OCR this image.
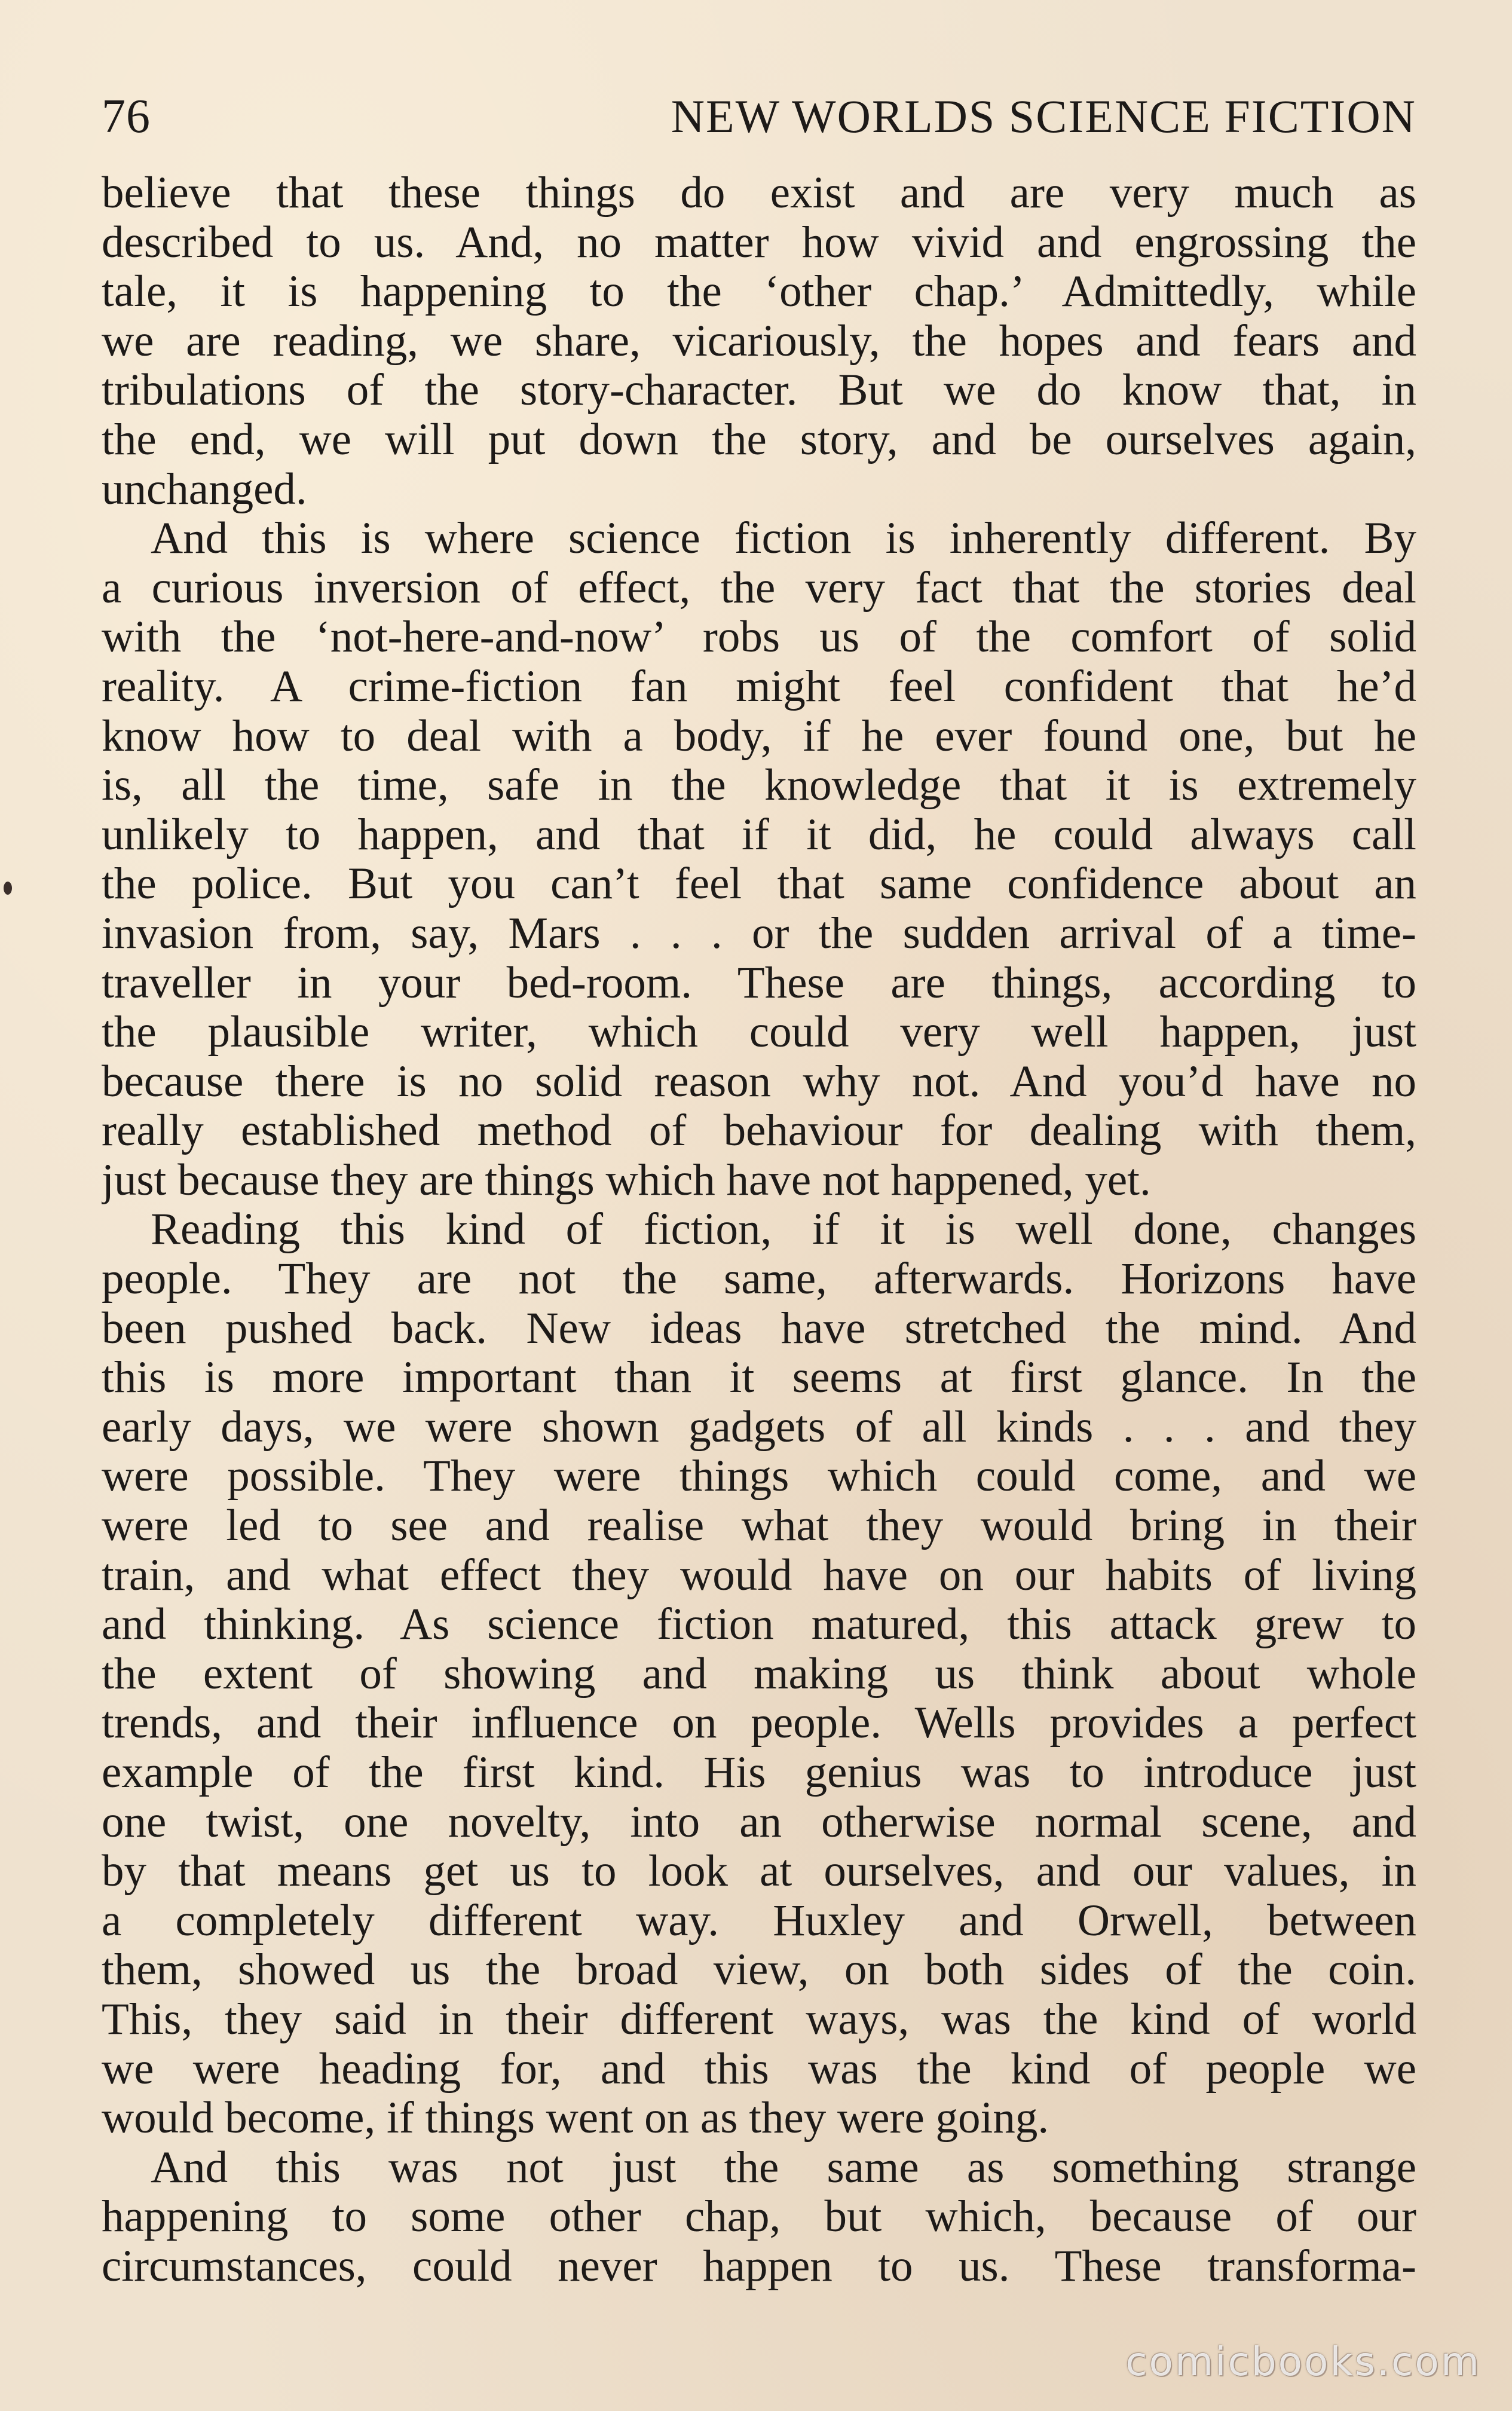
76	NEW WORLDS SCIENCE FICTION
believe that these things do exist and are very much as
described to us. And, no matter how vivid and engrossing the
tale, it is happening to the ‘other chap.’ Admittedly, while
we are reading, we share, vicariously, the hopes and fears and
tribulations of the story-character. But we do know that, in
the end, we will put down the story, and be ourselves again,
unchanged.
And this is where science fiction is inherently different. By
a curious inversion of effect, the very fact that the stories deal
with the ‘not-here-and-now’ robs us of the comfort of solid
reality. A crime-fiction fan might feel confident that he’d
know how to deal with a body, if he ever found one, but he
is, all the time, safe in the knowledge that it is extremely
unlikely to happen, and that if it did, he could always call
the police. But you can’t feel that same confidence about an
invasion from, say, Mars . . . or the sudden arrival of a time-
traveller in your bed-room. These are things, according to
the plausible writer, which could very well happen, just
because there is no solid reason why not. And you’d have no
really established method of behaviour for dealing with them,
just because they are things which have not happened, yet.
Reading this kind of fiction, if it is well done, changes
people. They are not the same, afterwards. Horizons have
been pushed back. New ideas have stretched the mind. And
this is more important than it seems at first glance. In the
early days, we were shown gadgets of all kinds . . . and they
were possible. They were things which could come, and we
were led to see and realise what they would bring in their
train, and what effect they would have on our habits of living
and thinking. As science fiction matured, this attack grew to
the extent of showing and making us think about whole
trends, and their influence on people. Wells provides a perfect
example of the first kind. His genius was to introduce just
one twist, one novelty, into an otherwise normal scene, and
by that means get us to look at ourselves, and our values, in
a completely different way. Huxley and Orwell, between
them, showed us the broad view, on both sides of the coin.
This, they said in their different ways, was the kind of world
we were heading for, and this was the kind of people we
would become, if things went on as they were going.
And this was not just the same as something strange
happening to some other chap, but which, because of our
circumstances, could never happen to us. These transforma-
comicbooks.com
